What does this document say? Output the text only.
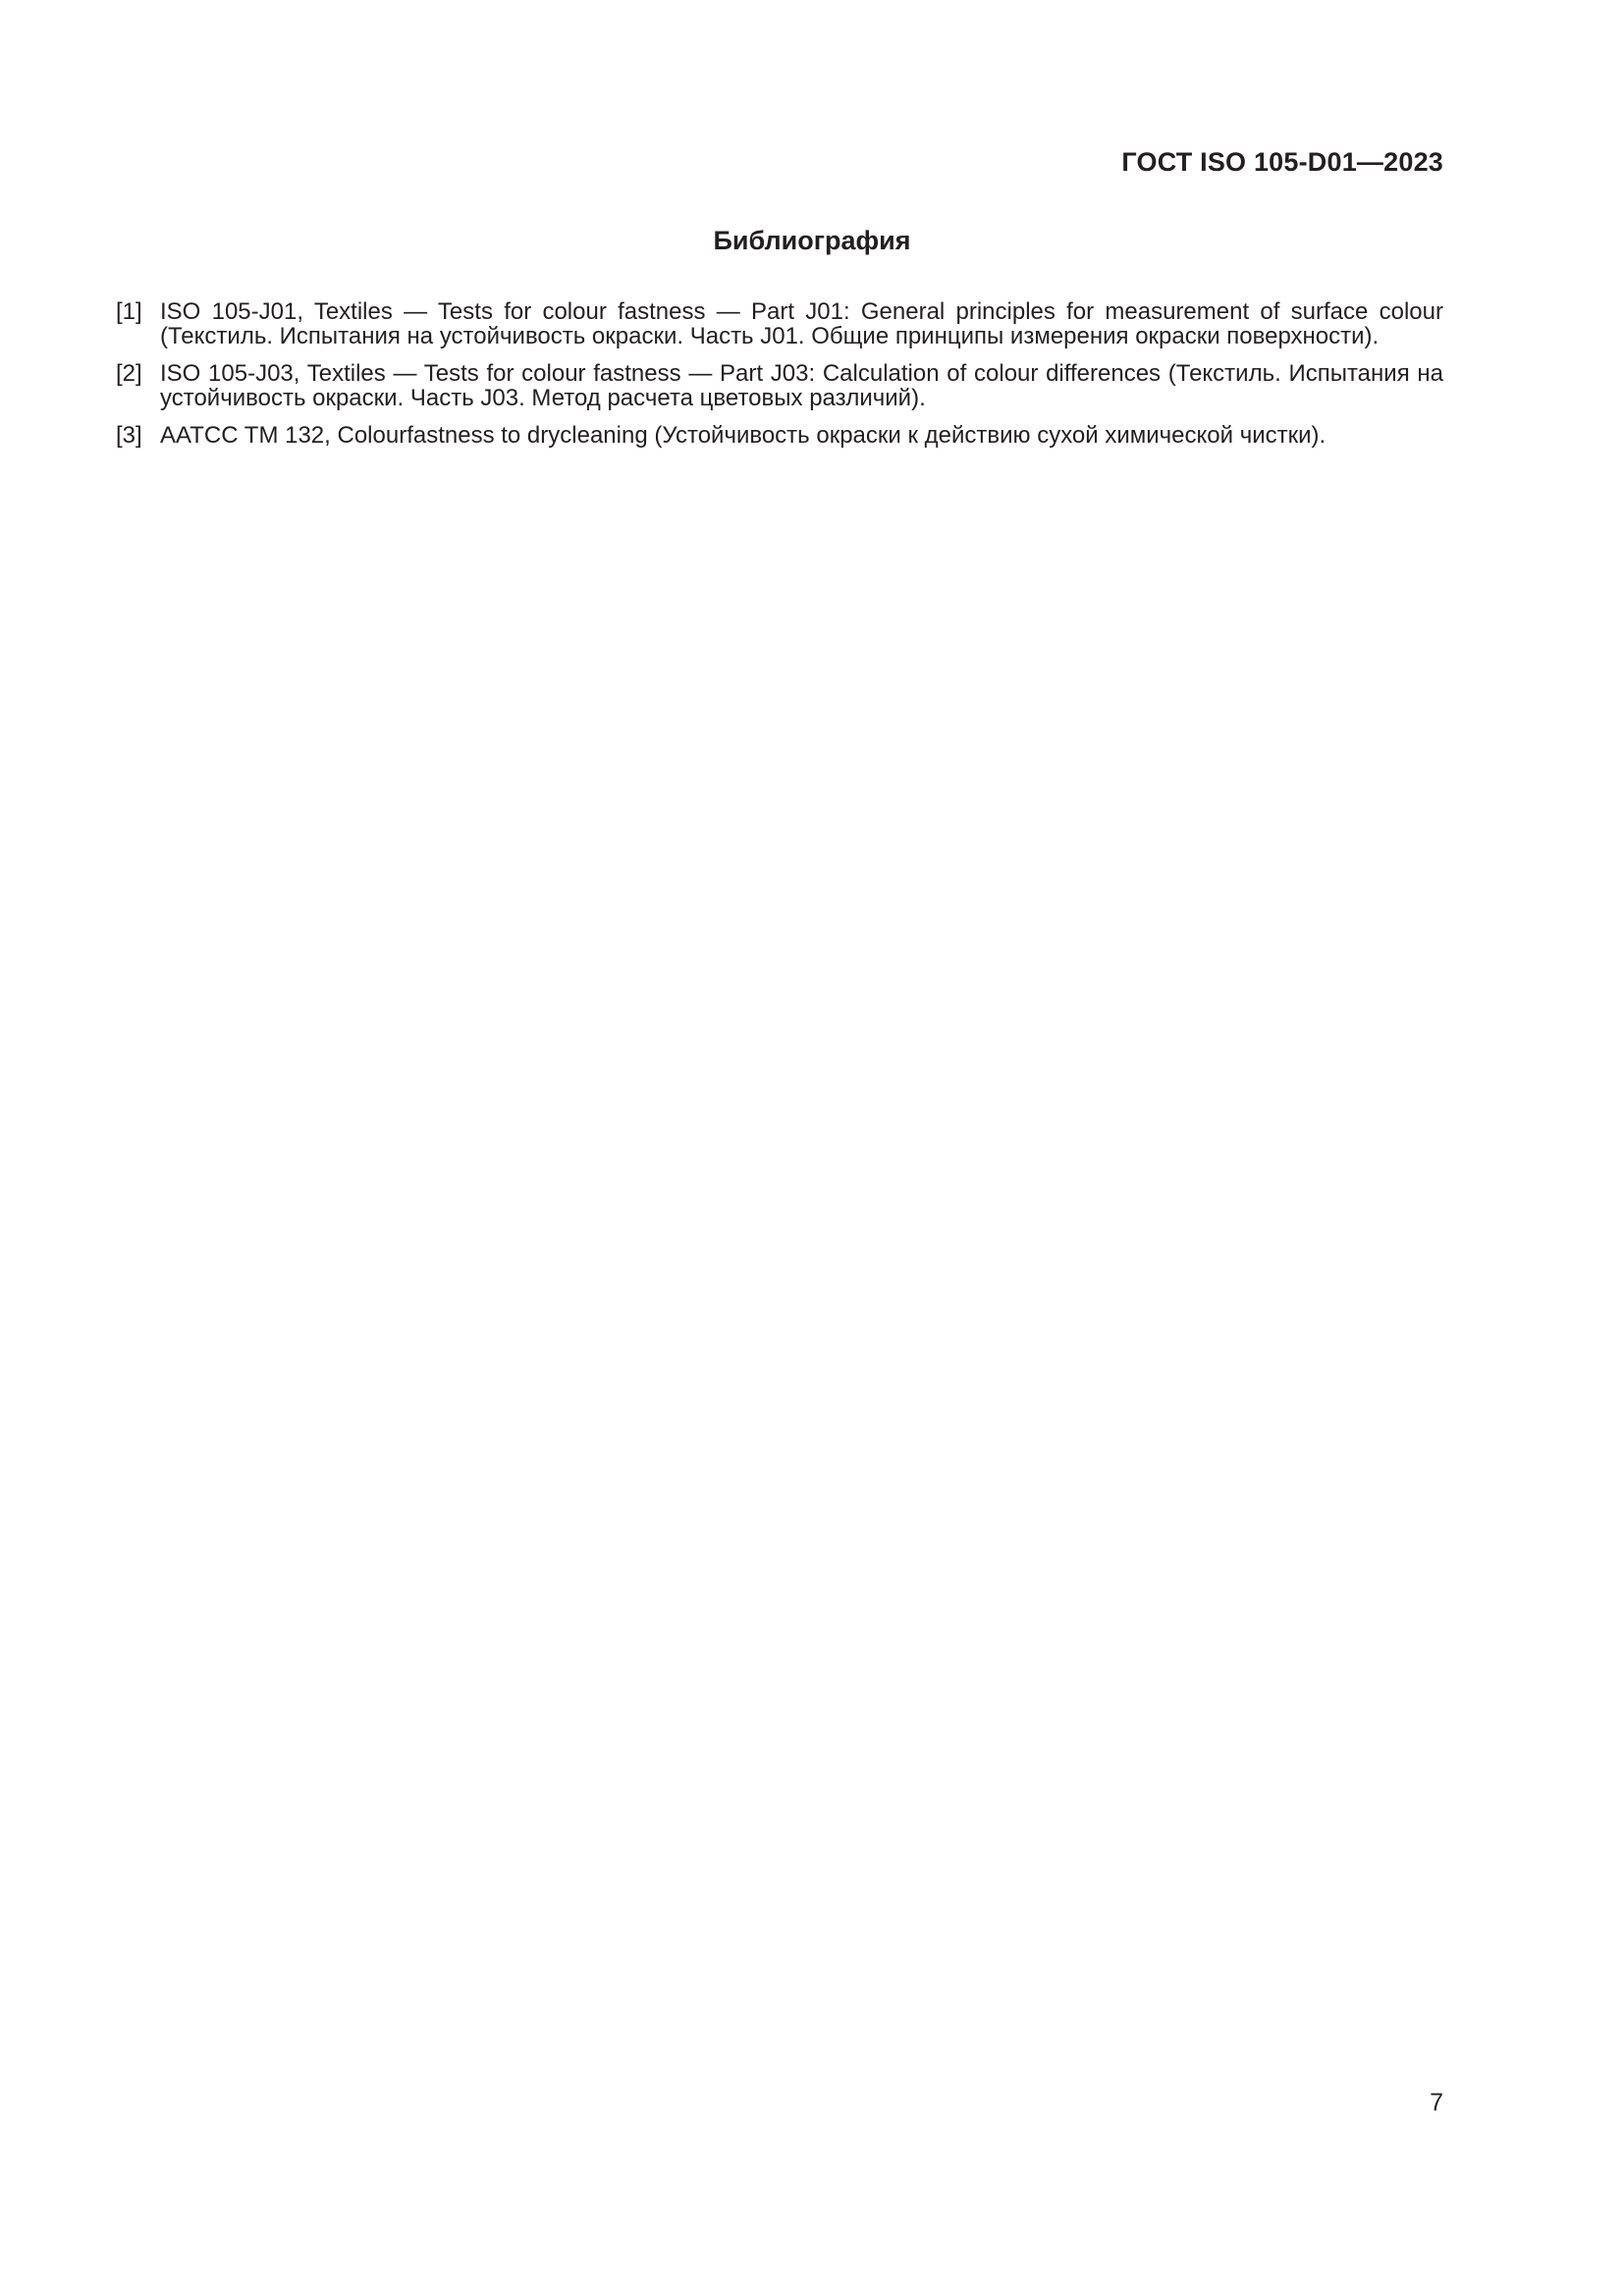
ГОСТ ISO 105-D01—2023
Библиография
[1] ISO 105-J01, Textiles — Tests for colour fastness — Part J01: General principles for measurement of surface colour (Текстиль. Испытания на устойчивость окраски. Часть J01. Общие принципы измерения окраски поверхности).
[2] ISO 105-J03, Textiles — Tests for colour fastness — Part J03: Calculation of colour differences (Текстиль. Испытания на устойчивость окраски. Часть J03. Метод расчета цветовых различий).
[3] AATCC TM 132, Colourfastness to drycleaning (Устойчивость окраски к действию сухой химической чистки).
7
